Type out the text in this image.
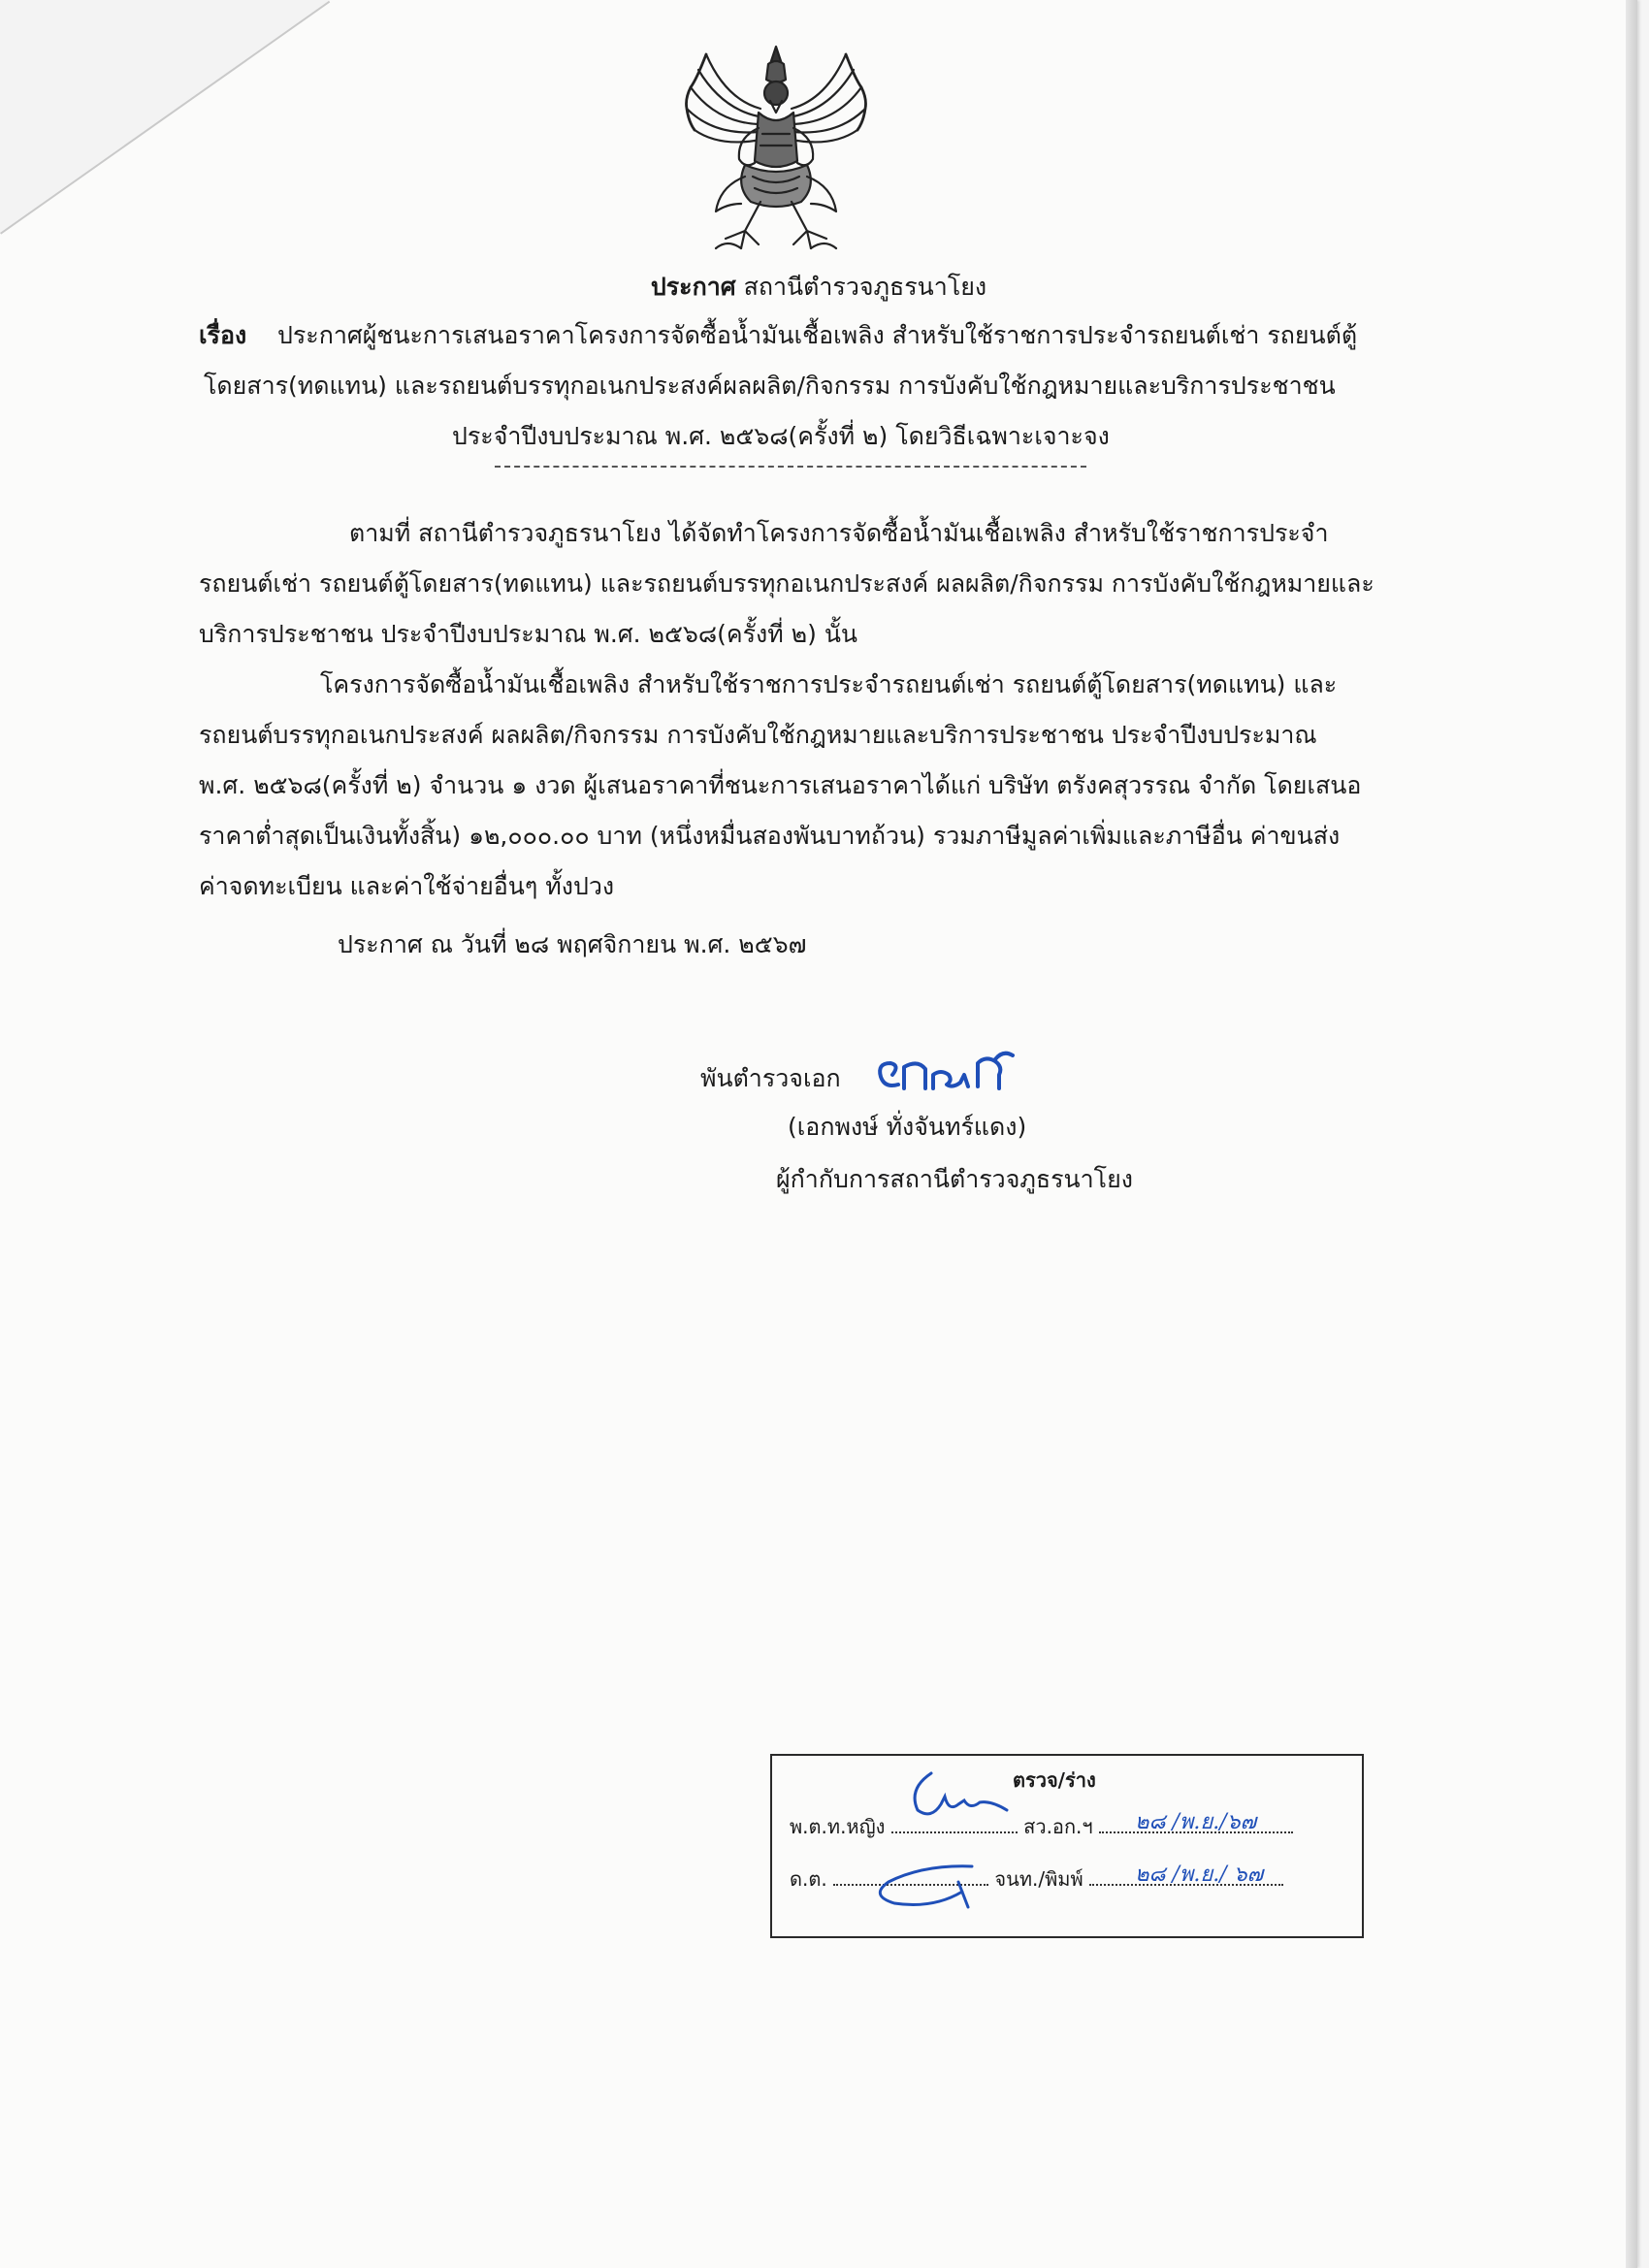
ประกาศ สถานีตำรวจภูธรนาโยง
เรื่อง ประกาศผู้ชนะการเสนอราคาโครงการจัดซื้อน้ำมันเชื้อเพลิง สำหรับใช้ราชการประจำรถยนต์เช่า รถยนต์ตู้
โดยสาร(ทดแทน) และรถยนต์บรรทุกอเนกประสงค์ผลผลิต/กิจกรรม การบังคับใช้กฎหมายและบริการประชาชน
ประจำปีงบประมาณ พ.ศ. ๒๕๖๘(ครั้งที่ ๒) โดยวิธีเฉพาะเจาะจง
ตามที่ สถานีตำรวจภูธรนาโยง ได้จัดทำโครงการจัดซื้อน้ำมันเชื้อเพลิง สำหรับใช้ราชการประจำ
รถยนต์เช่า รถยนต์ตู้โดยสาร(ทดแทน) และรถยนต์บรรทุกอเนกประสงค์ ผลผลิต/กิจกรรม การบังคับใช้กฎหมายและ
บริการประชาชน ประจำปีงบประมาณ พ.ศ. ๒๕๖๘(ครั้งที่ ๒) นั้น
โครงการจัดซื้อน้ำมันเชื้อเพลิง สำหรับใช้ราชการประจำรถยนต์เช่า รถยนต์ตู้โดยสาร(ทดแทน) และ
รถยนต์บรรทุกอเนกประสงค์ ผลผลิต/กิจกรรม การบังคับใช้กฎหมายและบริการประชาชน ประจำปีงบประมาณ
พ.ศ. ๒๕๖๘(ครั้งที่ ๒) จำนวน ๑ งวด ผู้เสนอราคาที่ชนะการเสนอราคาได้แก่ บริษัท ตรังคสุวรรณ จำกัด โดยเสนอ
ราคาต่ำสุดเป็นเงินทั้งสิ้น) ๑๒,๐๐๐.๐๐ บาท (หนึ่งหมื่นสองพันบาทถ้วน) รวมภาษีมูลค่าเพิ่มและภาษีอื่น ค่าขนส่ง
ค่าจดทะเบียน และค่าใช้จ่ายอื่นๆ ทั้งปวง
ประกาศ ณ วันที่ ๒๘ พฤศจิกายน พ.ศ. ๒๕๖๗
พันตำรวจเอก
(เอกพงษ์ ทั่งจันทร์แดง)
ผู้กำกับการสถานีตำรวจภูธรนาโยง
ตรวจ/ร่าง
พ.ต.ท.หญิง	สว.อก.ฯ
ด.ต.	จนท./พิมพ์
๒๘ /พ.ย./๖๗
๒๘ /พ.ย./ ๖๗
